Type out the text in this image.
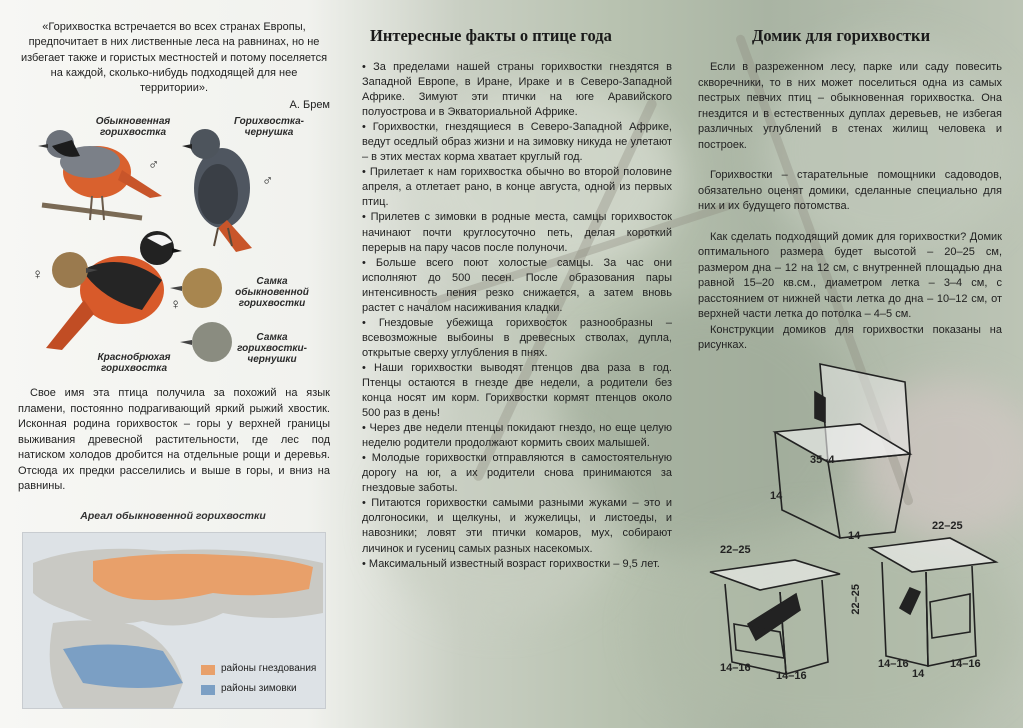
«Горихвостка встречается во всех странах Европы, предпочитает в них лиственные леса на равнинах, но не избегает также и гористых местностей и потому поселяется на каждой, сколько-нибудь подходящей для нее территории».

А. Брем

Обыкновенная горихвостка
Горихвостка-чернушка
Краснобрюхая горихвостка
Самка обыкновенной горихвостки
Самка горихвостки-чернушки
♂
♂
♀
♀

Свое имя эта птица получила за похожий на язык пламени, постоянно подрагивающий яркий рыжий хвостик. Исконная родина горихвосток – горы у верхней границы выживания древесной растительности, где лес под натиском холодов дробится на отдельные рощи и деревья. Отсюда их предки расселились и выше в горы, и вниз на равнины.

Ареал обыкновенной горихвостки
районы гнездования
районы зимовки
Интересные факты о птице года

• За пределами нашей страны горихвостки гнездятся в Западной Европе, в Иране, Ираке и в Северо-Западной Африке. Зимуют эти птички на юге Аравийского полуострова и в Экваториальной Африке.

• Горихвостки, гнездящиеся в Северо-Западной Африке, ведут оседлый образ жизни и на зимовку никуда не улетают – в этих местах корма хватает круглый год.

• Прилетает к нам горихвостка обычно во второй половине апреля, а отлетает рано, в конце августа, одной из первых птиц.

• Прилетев с зимовки в родные места, самцы горихвосток начинают почти круглосуточно петь, делая короткий перерыв на пару часов после полуночи.

• Больше всего поют холостые самцы. За час они исполняют до 500 песен. После образования пары интенсивность пения резко снижается, а затем вновь растет с началом насиживания кладки.

• Гнездовые убежища горихвосток разнообразны – всевозможные выбоины в древесных стволах, дупла, открытые сверху углубления в пнях.

• Наши горихвостки выводят птенцов два раза в год. Птенцы остаются в гнезде две недели, а родители без конца носят им корм. Горихвостки кормят птенцов около 500 раз в день!

• Через две недели птенцы покидают гнездо, но еще целую неделю родители продолжают кормить своих малышей.

• Молодые горихвостки отправляются в самостоятельную дорогу на юг, а их родители снова принимаются за гнездовые заботы.

• Питаются горихвостки самыми разными жуками – это и долгоносики, и щелкуны, и жужелицы, и листоеды, и навозники; ловят эти птички комаров, мух, собирают личинок и гусениц самых разных насекомых.

• Максимальный известный возраст горихвостки – 9,5 лет.

Домик для горихвостки

Если в разреженном лесу, парке или саду повесить скворечники, то в них может поселиться одна из самых пестрых певчих птиц – обыкновенная горихвостка. Она гнездится и в естественных дуплах деревьев, не избегая различных углублений в стенах жилищ человека и построек.

Горихвостки – старательные помощники садоводов, обязательно оценят домики, сделанные специально для них и их будущего потомства.

Как сделать подходящий домик для горихвостки? Домик оптимального размера будет высотой – 20–25 см, размером дна – 12 на 12 см, с внутренней площадью дна равной 15–20 кв.см., диаметром летка – 3–4 см, с расстоянием от нижней части летка до дна – 10–12 см, от верхней части летка до потолка – 4–5 см.

Конструкции домиков для горихвостки показаны на рисунках.

35–4
14
14
22–25
22–25
22–25
14–16
14–16
14–16	14–16
14
